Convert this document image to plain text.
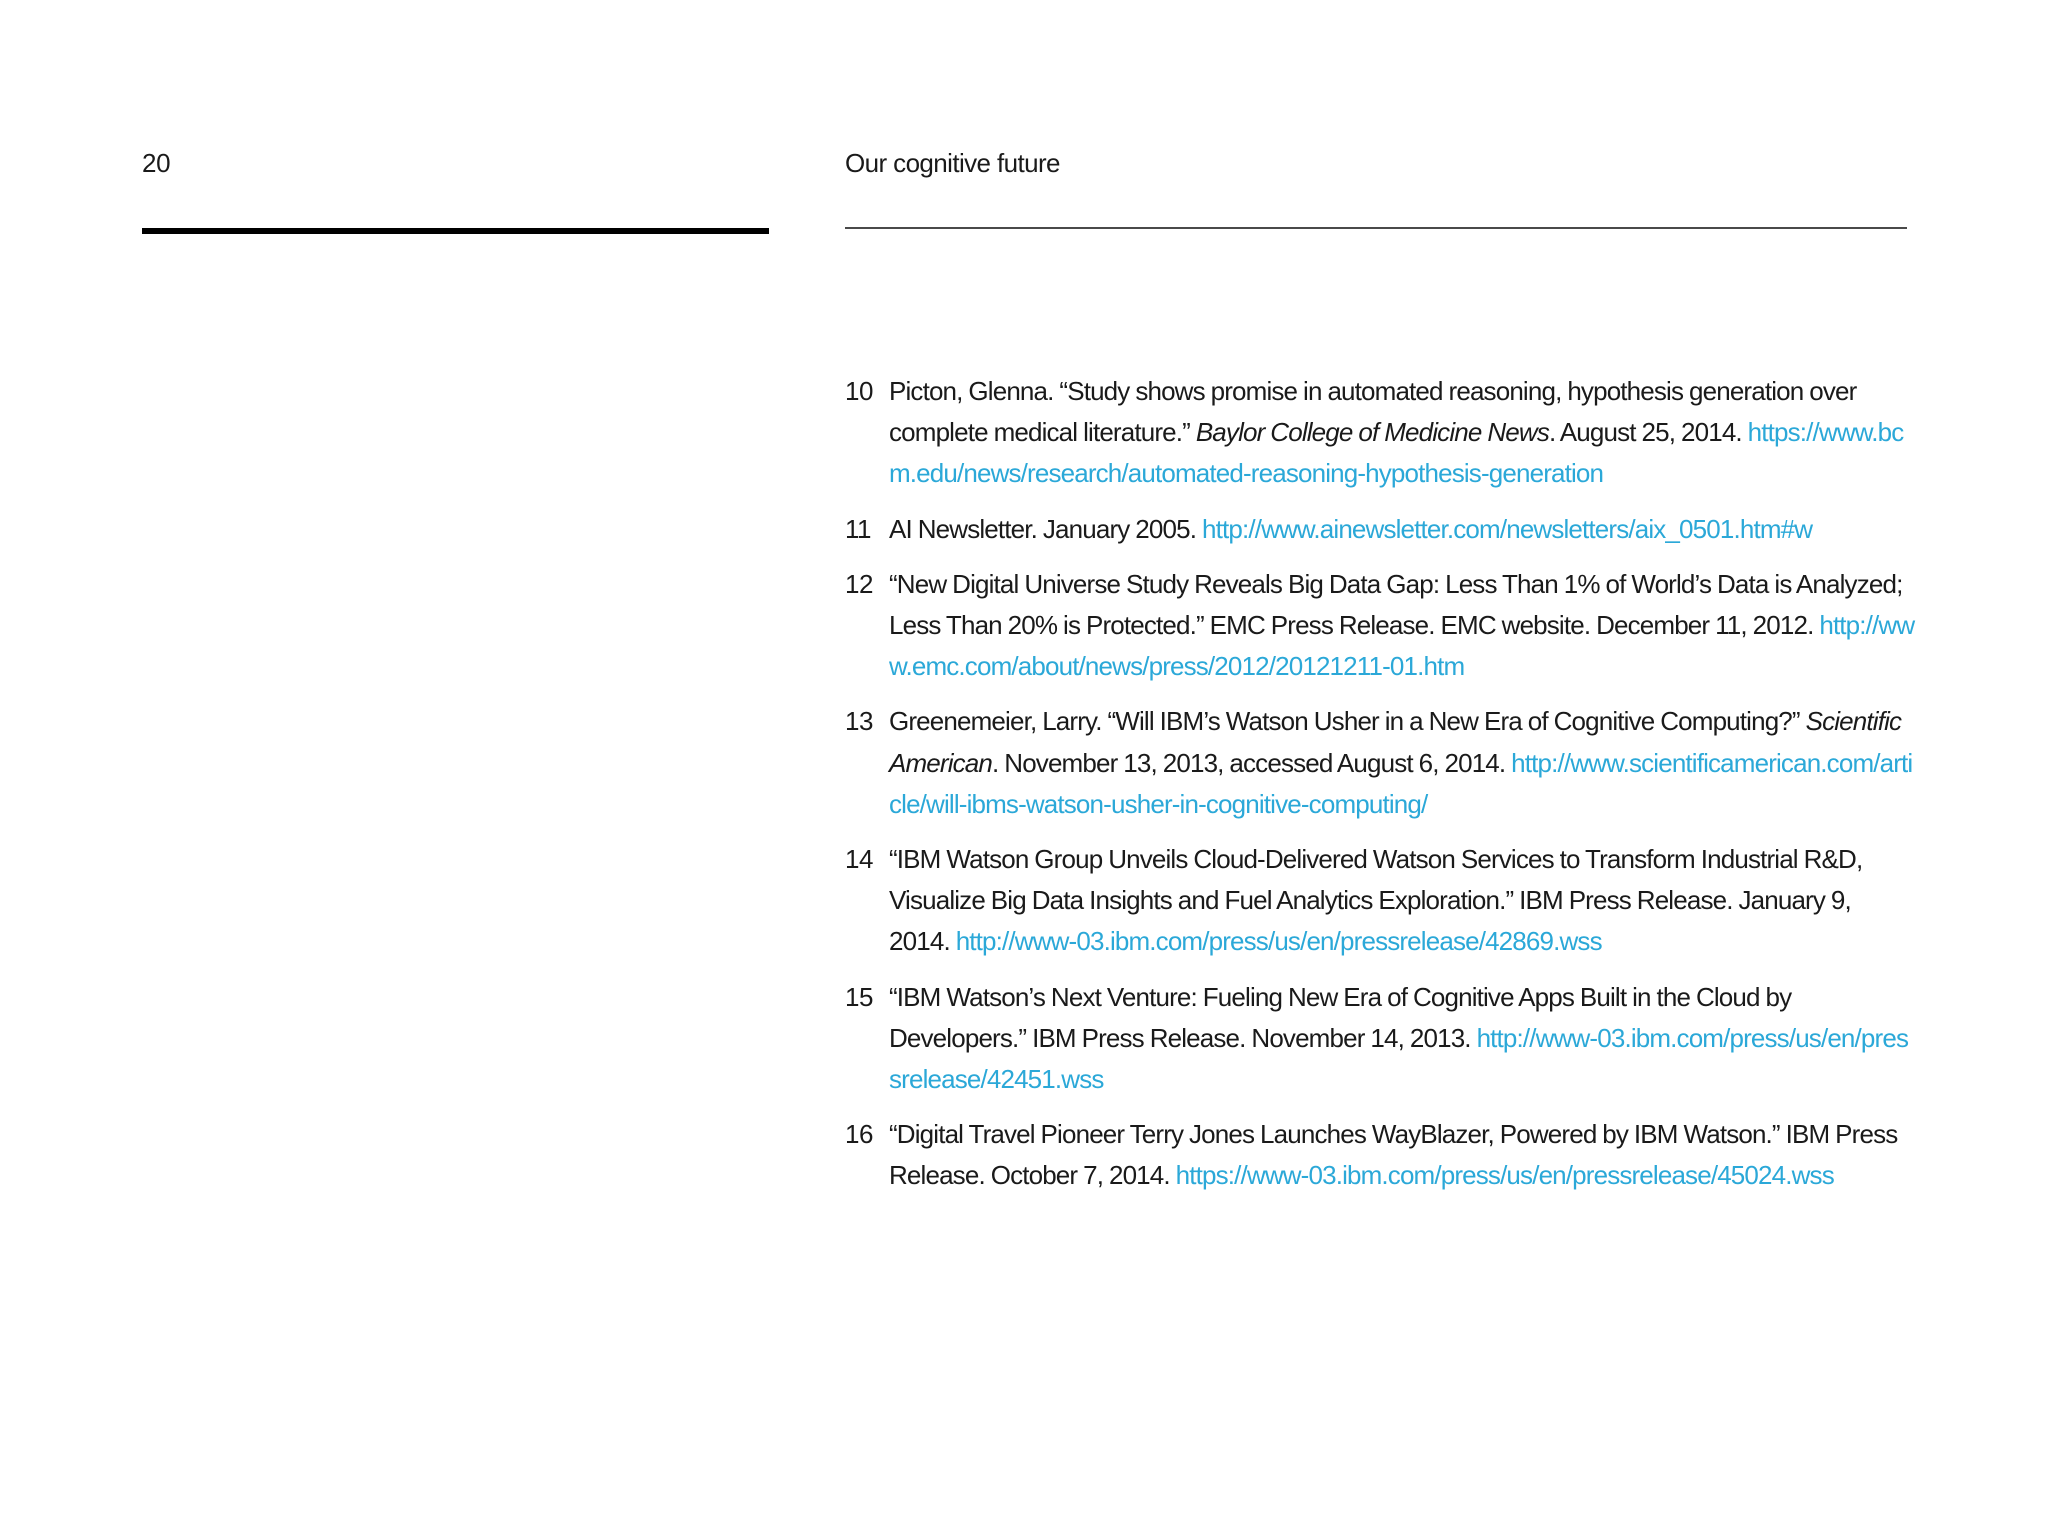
20	Our cognitive future
10 Picton, Glenna. “Study shows promise in automated reasoning, hypothesis generation over complete medical literature.” Baylor College of Medicine News. August 25, 2014. https://www.bcm.edu/news/research/automated-reasoning-hypothesis-generation
11 AI Newsletter. January 2005. http://www.ainewsletter.com/newsletters/aix_0501.htm#w
12 “New Digital Universe Study Reveals Big Data Gap: Less Than 1% of World’s Data is Analyzed; Less Than 20% is Protected.” EMC Press Release. EMC website. December 11, 2012. http://www.emc.com/about/news/press/2012/20121211-01.htm
13 Greenemeier, Larry. “Will IBM’s Watson Usher in a New Era of Cognitive Computing?” Scientific American. November 13, 2013, accessed August 6, 2014. http://www.scientificamerican.com/article/will-ibms-watson-usher-in-cognitive-computing/
14 “IBM Watson Group Unveils Cloud-Delivered Watson Services to Transform Industrial R&D, Visualize Big Data Insights and Fuel Analytics Exploration.” IBM Press Release. January 9, 2014. http://www-03.ibm.com/press/us/en/pressrelease/42869.wss
15 “IBM Watson’s Next Venture: Fueling New Era of Cognitive Apps Built in the Cloud by Developers.” IBM Press Release. November 14, 2013. http://www-03.ibm.com/press/us/en/pressrelease/42451.wss
16 “Digital Travel Pioneer Terry Jones Launches WayBlazer, Powered by IBM Watson.” IBM Press Release. October 7, 2014. https://www-03.ibm.com/press/us/en/pressrelease/45024.wss
